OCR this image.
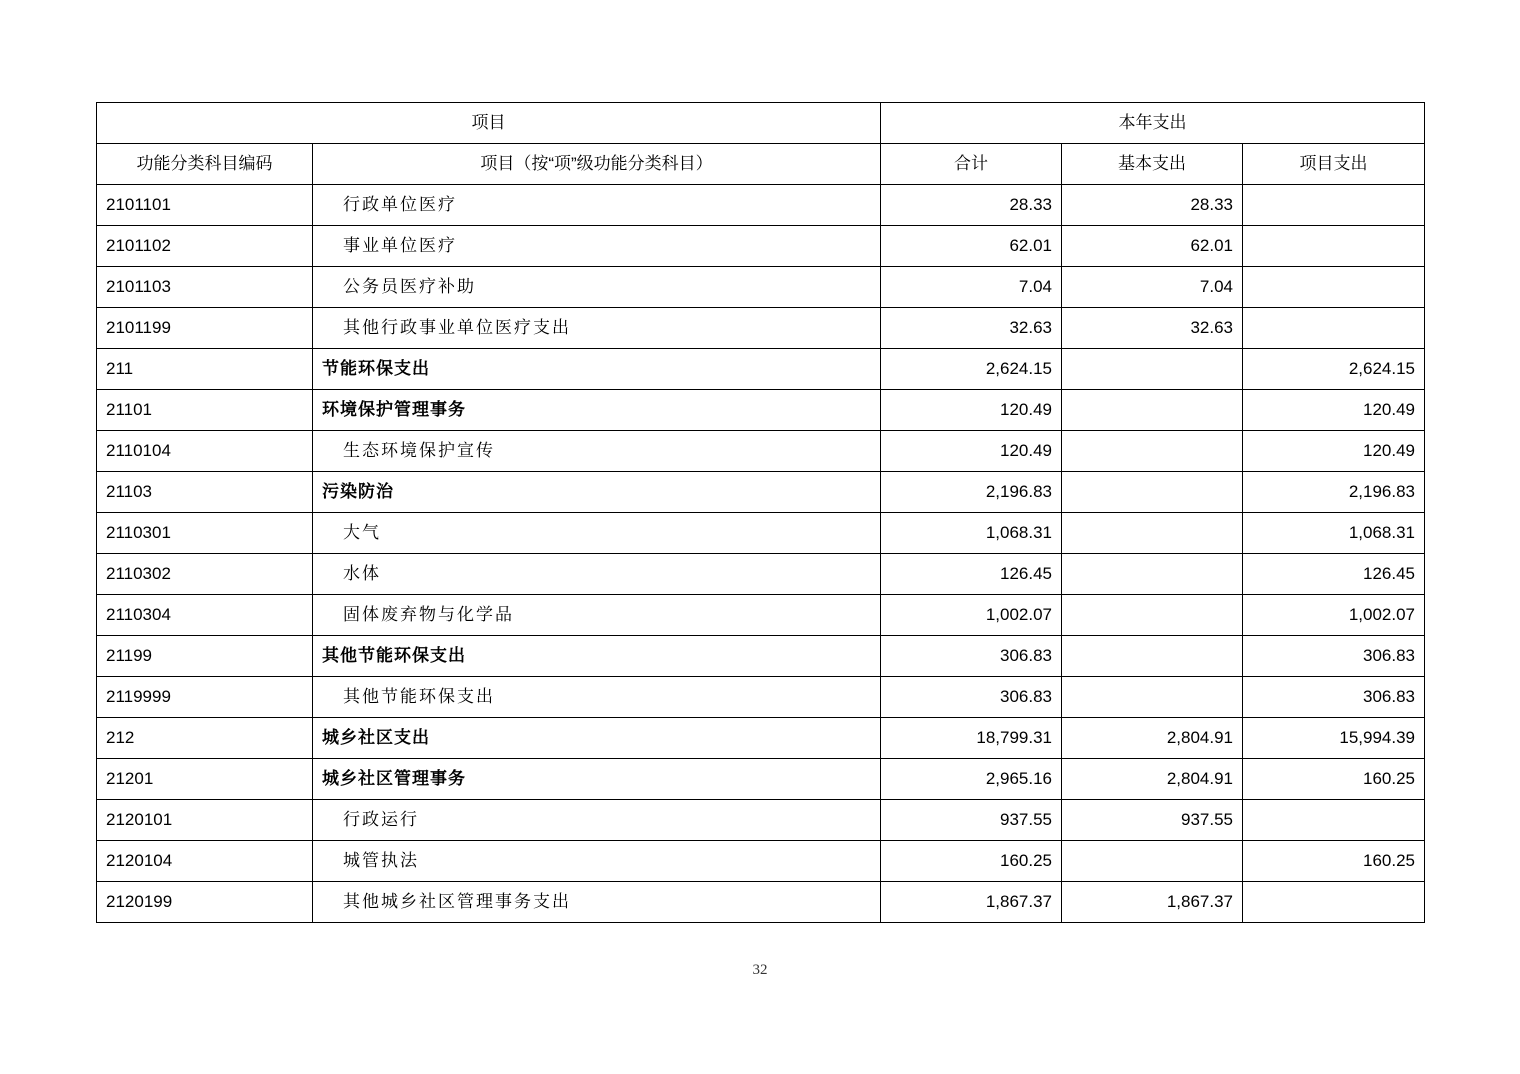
项目		本年支出		
功能分类科目编码	项目（按“项”级功能分类科目）	合计	基本支出	项目支出
2101101	行政单位医疗	28.33	28.33	
2101102	事业单位医疗	62.01	62.01	
2101103	公务员医疗补助	7.04	7.04	
2101199	其他行政事业单位医疗支出	32.63	32.63	
211	节能环保支出	2,624.15		2,624.15
21101	环境保护管理事务	120.49		120.49
2110104	生态环境保护宣传	120.49		120.49
21103	污染防治	2,196.83		2,196.83
2110301	大气	1,068.31		1,068.31
2110302	水体	126.45		126.45
2110304	固体废弃物与化学品	1,002.07		1,002.07
21199	其他节能环保支出	306.83		306.83
2119999	其他节能环保支出	306.83		306.83
212	城乡社区支出	18,799.31	2,804.91	15,994.39
21201	城乡社区管理事务	2,965.16	2,804.91	160.25
2120101	行政运行	937.55	937.55	
2120104	城管执法	160.25		160.25
2120199	其他城乡社区管理事务支出	1,867.37	1,867.37	
32
